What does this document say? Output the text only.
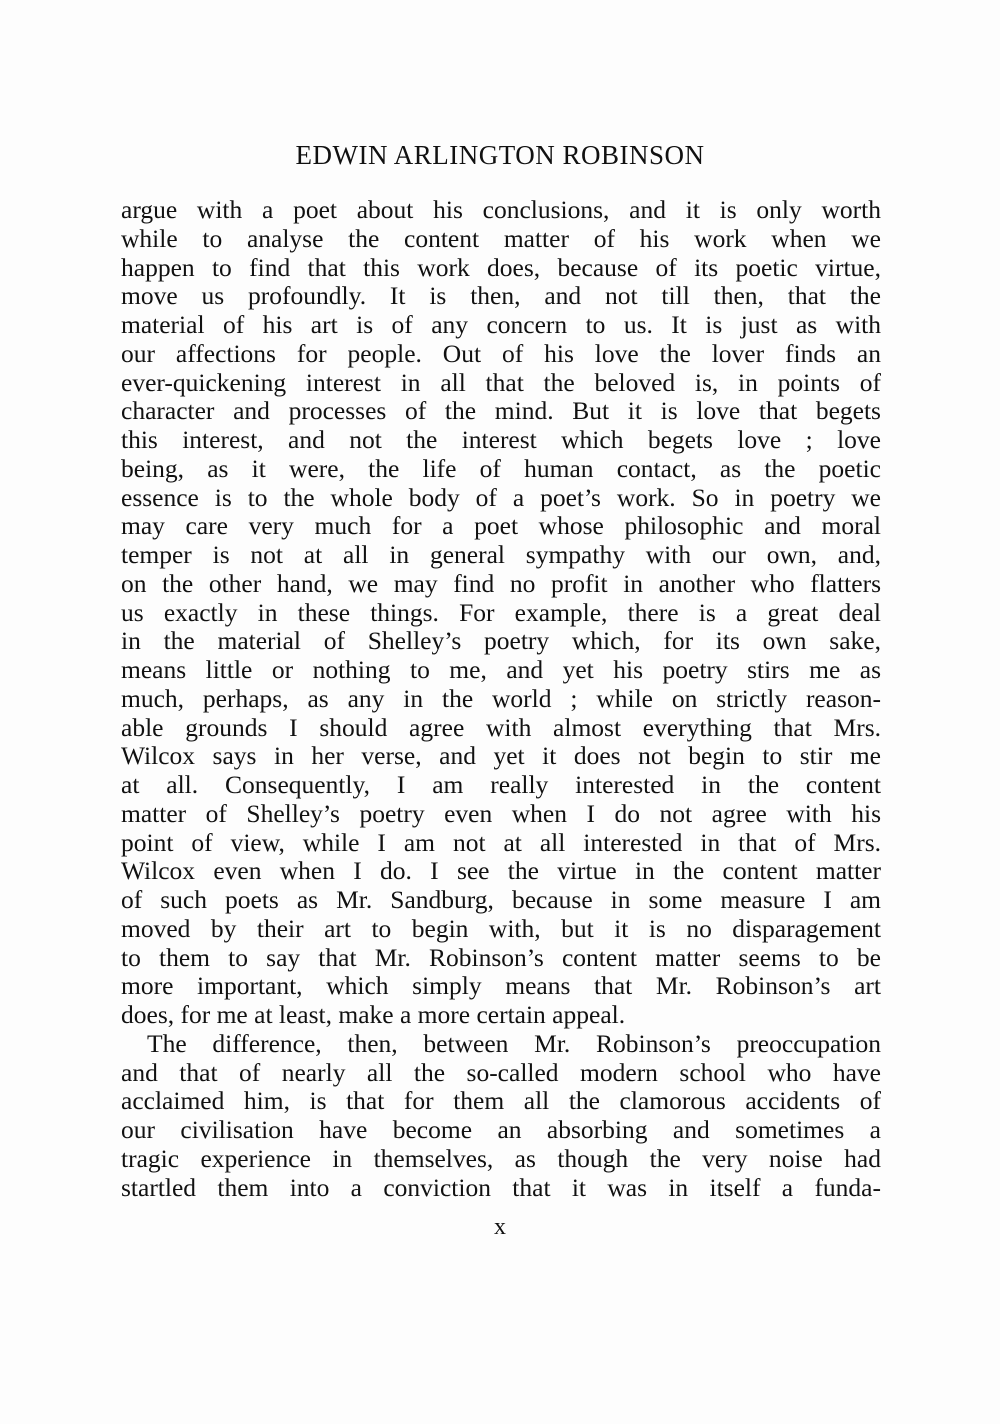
EDWIN ARLINGTON ROBINSON
argue with a poet about his conclusions, and it is only worth
while to analyse the content matter of his work when we
happen to find that this work does, because of its poetic virtue,
move us profoundly. It is then, and not till then, that the
material of his art is of any concern to us. It is just as with
our affections for people. Out of his love the lover finds an
ever-quickening interest in all that the beloved is, in points of
character and processes of the mind. But it is love that begets
this interest, and not the interest which begets love ; love
being, as it were, the life of human contact, as the poetic
essence is to the whole body of a poet’s work. So in poetry we
may care very much for a poet whose philosophic and moral
temper is not at all in general sympathy with our own, and,
on the other hand, we may find no profit in another who flatters
us exactly in these things. For example, there is a great deal
in the material of Shelley’s poetry which, for its own sake,
means little or nothing to me, and yet his poetry stirs me as
much, perhaps, as any in the world ; while on strictly reason-
able grounds I should agree with almost everything that Mrs.
Wilcox says in her verse, and yet it does not begin to stir me
at all. Consequently, I am really interested in the content
matter of Shelley’s poetry even when I do not agree with his
point of view, while I am not at all interested in that of Mrs.
Wilcox even when I do. I see the virtue in the content matter
of such poets as Mr. Sandburg, because in some measure I am
moved by their art to begin with, but it is no disparagement
to them to say that Mr. Robinson’s content matter seems to be
more important, which simply means that Mr. Robinson’s art
does, for me at least, make a more certain appeal.
The difference, then, between Mr. Robinson’s preoccupation
and that of nearly all the so-called modern school who have
acclaimed him, is that for them all the clamorous accidents of
our civilisation have become an absorbing and sometimes a
tragic experience in themselves, as though the very noise had
startled them into a conviction that it was in itself a funda-
x
